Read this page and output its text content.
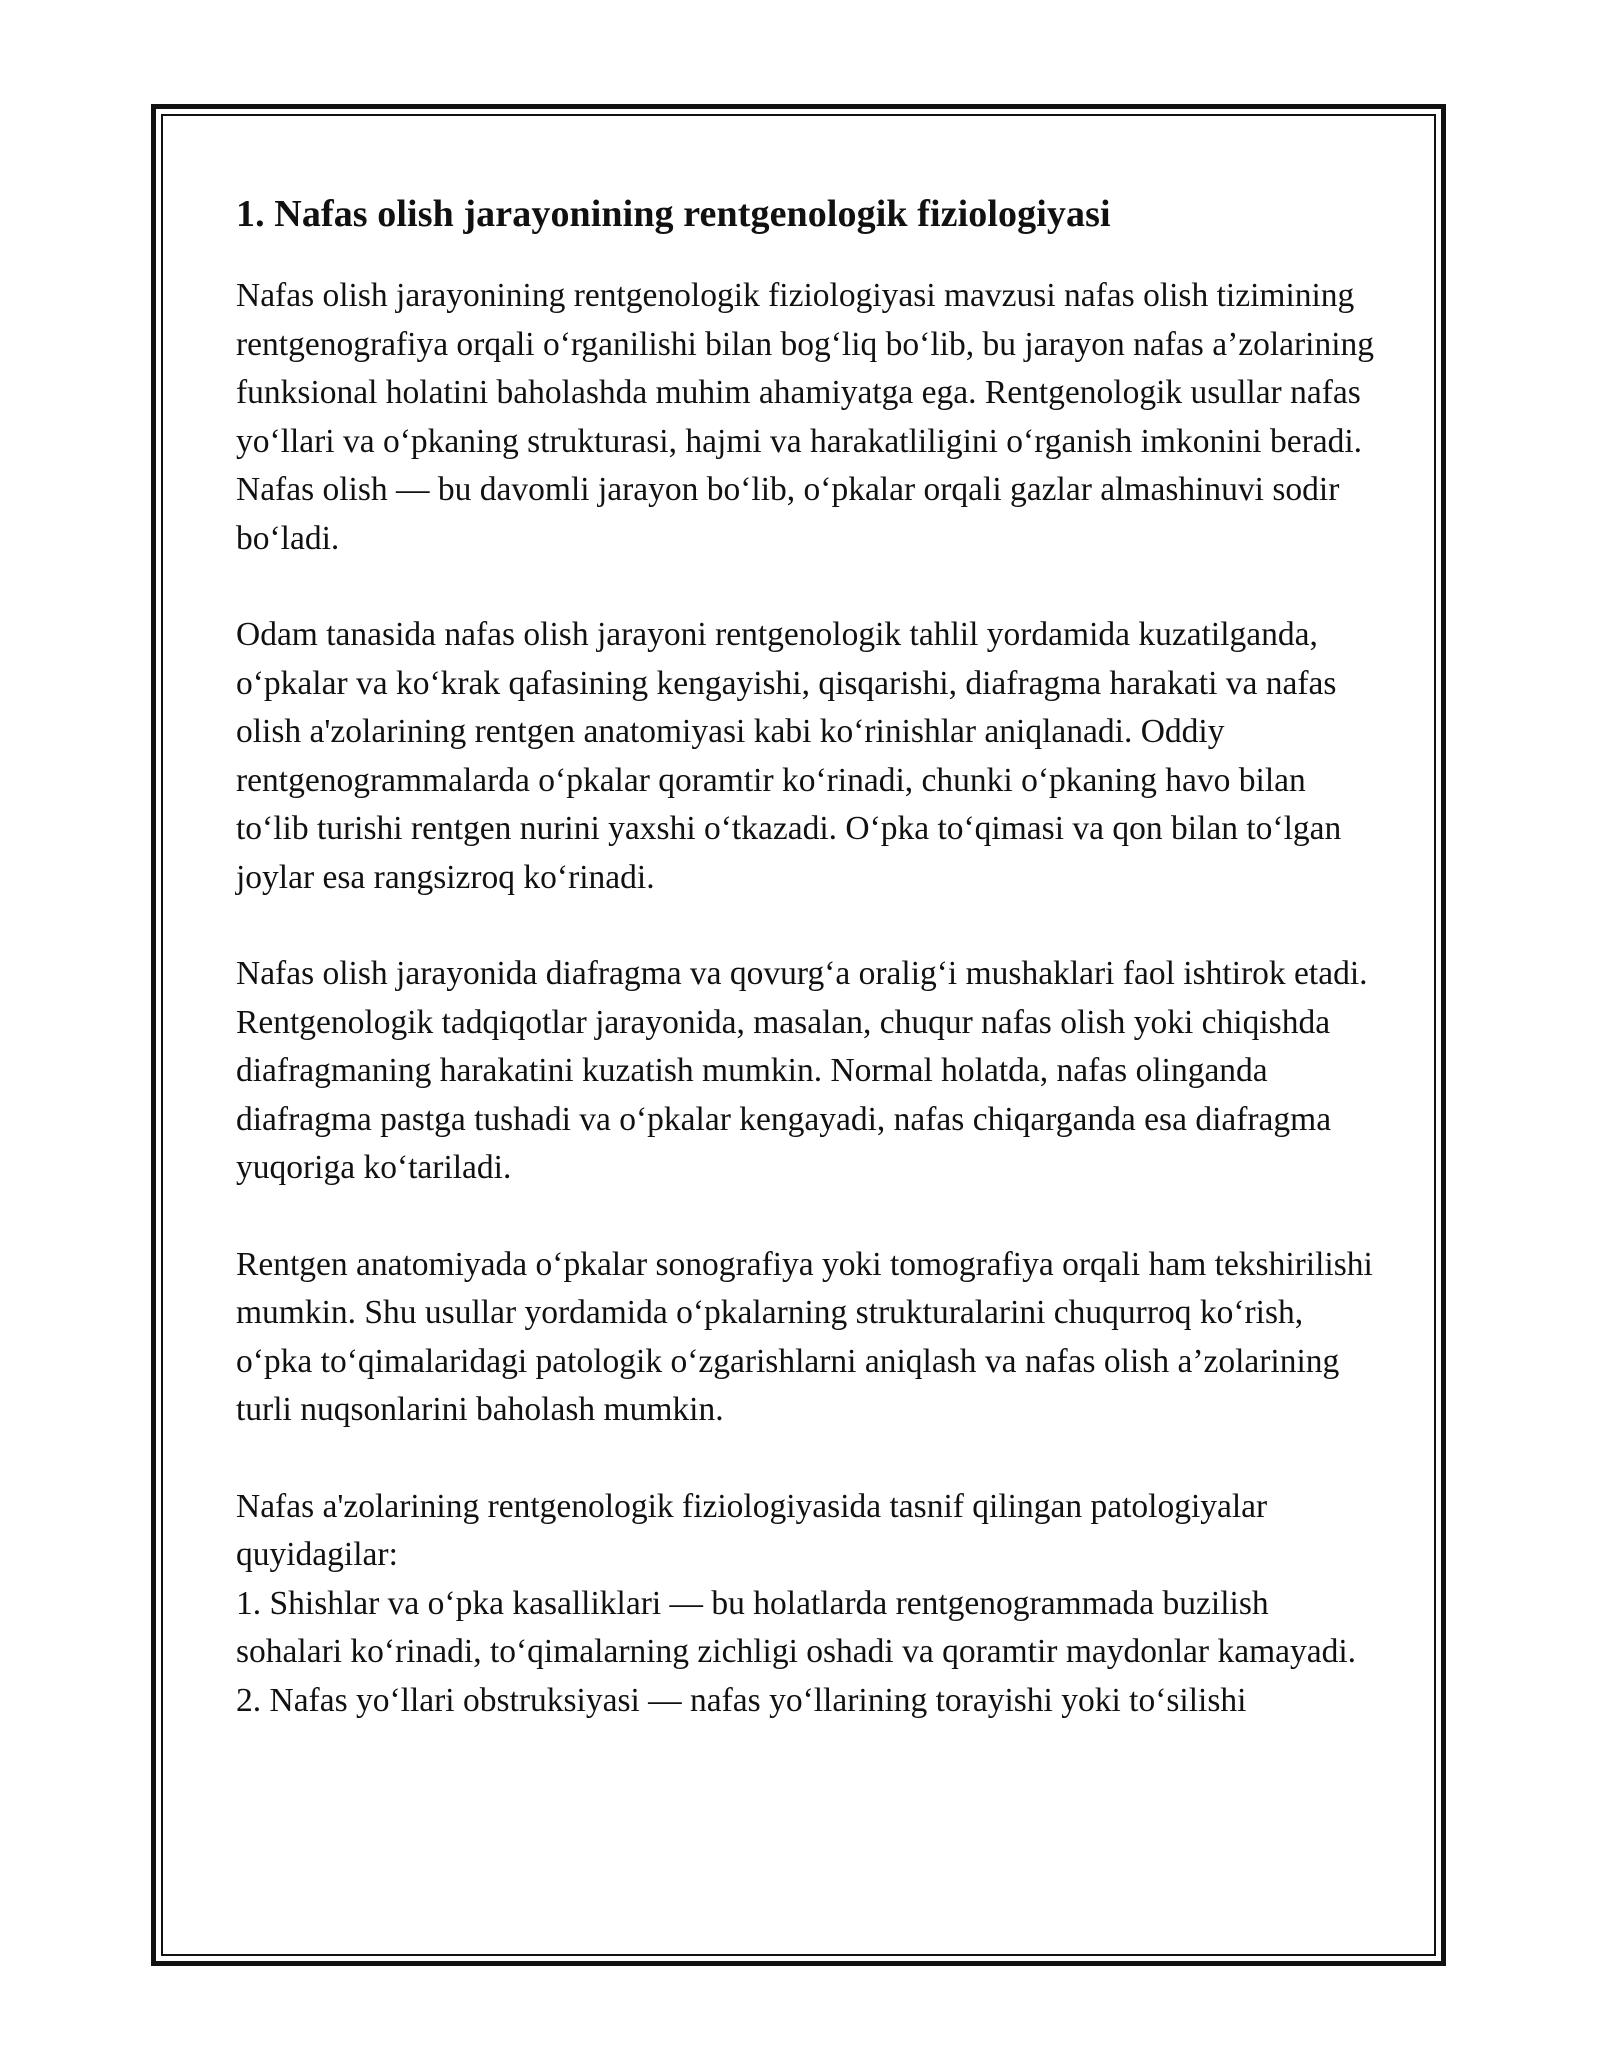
1. Nafas olish jarayonining rentgenologik fiziologiyasi

Nafas olish jarayonining rentgenologik fiziologiyasi mavzusi nafas olish tizimining rentgenografiya orqali o‘rganilishi bilan bog‘liq bo‘lib, bu jarayon nafas a’zolarining funksional holatini baholashda muhim ahamiyatga ega. Rentgenologik usullar nafas yo‘llari va o‘pkaning strukturasi, hajmi va harakatliligini o‘rganish imkonini beradi. Nafas olish — bu davomli jarayon bo‘lib, o‘pkalar orqali gazlar almashinuvi sodir bo‘ladi.

Odam tanasida nafas olish jarayoni rentgenologik tahlil yordamida kuzatilganda, o‘pkalar va ko‘krak qafasining kengayishi, qisqarishi, diafragma harakati va nafas olish a'zolarining rentgen anatomiyasi kabi ko‘rinishlar aniqlanadi. Oddiy rentgenogrammalarda o‘pkalar qoramtir ko‘rinadi, chunki o‘pkaning havo bilan to‘lib turishi rentgen nurini yaxshi o‘tkazadi. O‘pka to‘qimasi va qon bilan to‘lgan joylar esa rangsizroq ko‘rinadi.

Nafas olish jarayonida diafragma va qovurg‘a oralig‘i mushaklari faol ishtirok etadi. Rentgenologik tadqiqotlar jarayonida, masalan, chuqur nafas olish yoki chiqishda diafragmaning harakatini kuzatish mumkin. Normal holatda, nafas olinganda diafragma pastga tushadi va o‘pkalar kengayadi, nafas chiqarganda esa diafragma yuqoriga ko‘tariladi.

Rentgen anatomiyada o‘pkalar sonografiya yoki tomografiya orqali ham tekshirilishi mumkin. Shu usullar yordamida o‘pkalarning strukturalarini chuqurroq ko‘rish, o‘pka to‘qimalaridagi patologik o‘zgarishlarni aniqlash va nafas olish a’zolarining turli nuqsonlarini baholash mumkin.

Nafas a'zolarining rentgenologik fiziologiyasida tasnif qilingan patologiyalar quyidagilar:

1. Shishlar va o‘pka kasalliklari — bu holatlarda rentgenogrammada buzilish sohalari ko‘rinadi, to‘qimalarning zichligi oshadi va qoramtir maydonlar kamayadi.

2. Nafas yo‘llari obstruksiyasi — nafas yo‘llarining torayishi yoki to‘silishi
